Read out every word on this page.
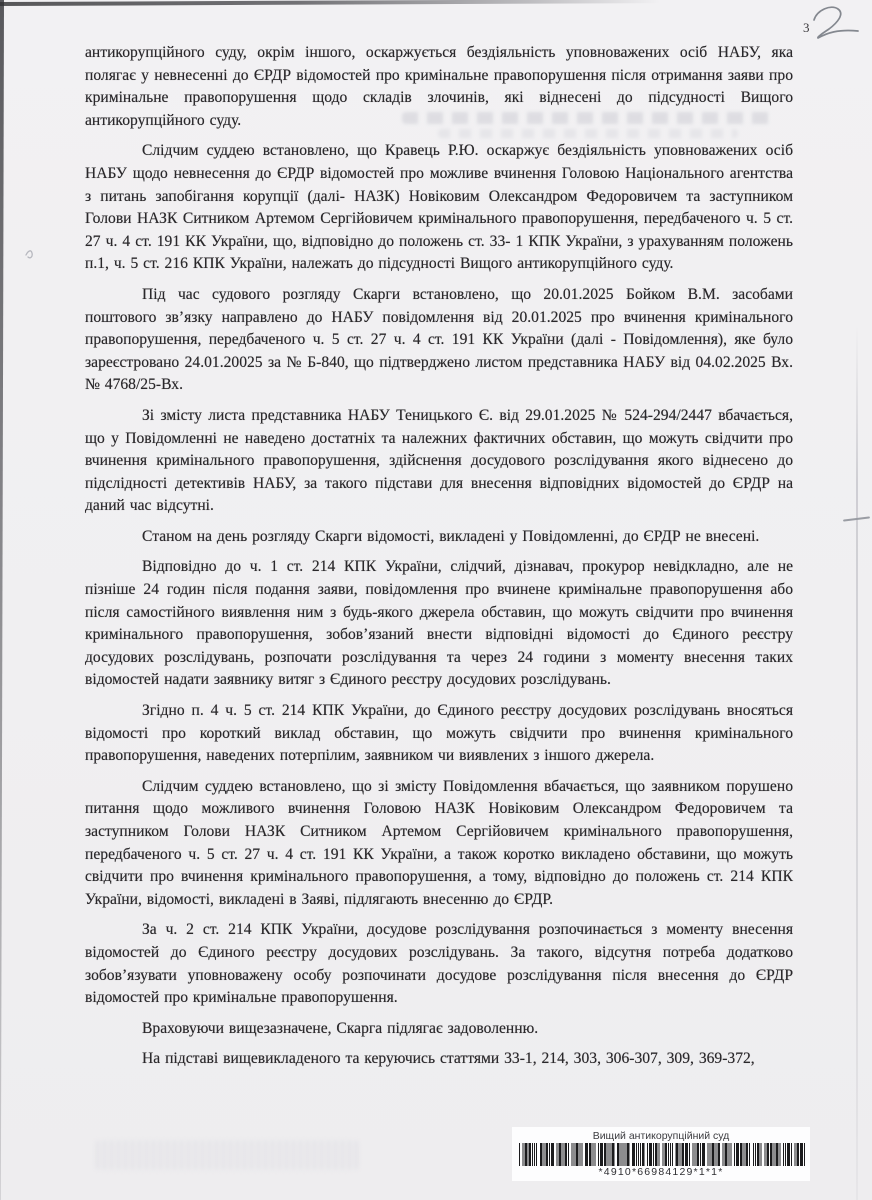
3

антикорупційного суду, окрім іншого, оскаржується бездіяльність уповноважених осіб НАБУ, яка полягає у невнесенні до ЄРДР відомостей про кримінальне правопорушення після отримання заяви про кримінальне правопорушення щодо складів злочинів, які віднесені до підсудності Вищого антикорупційного суду.

Слідчим суддею встановлено, що Кравець Р.Ю. оскаржує бездіяльність уповноважених осіб НАБУ щодо невнесення до ЄРДР відомостей про можливе вчинення Головою Національного агентства з питань запобігання корупції (далі- НАЗК) Новіковим Олександром Федоровичем та заступником Голови НАЗК Ситником Артемом Сергійовичем кримінального правопорушення, передбаченого ч. 5 ст. 27 ч. 4 ст. 191 КК України, що, відповідно до положень ст. 33- 1 КПК України, з урахуванням положень п.1, ч. 5 ст. 216 КПК України, належать до підсудності Вищого антикорупційного суду.

Під час судового розгляду Скарги встановлено, що 20.01.2025 Бойком В.М. засобами поштового зв’язку направлено до НАБУ повідомлення від 20.01.2025 про вчинення кримінального правопорушення, передбаченого ч. 5 ст. 27 ч. 4 ст. 191 КК України (далі - Повідомлення), яке було зареєстровано 24.01.20025 за № Б-840, що підтверджено листом представника НАБУ від 04.02.2025 Вх. № 4768/25-Вх.

Зі змісту листа представника НАБУ Теницького Є. від 29.01.2025 № 524-294/2447 вбачається, що у Повідомленні не наведено достатніх та належних фактичних обставин, що можуть свідчити про вчинення кримінального правопорушення, здійснення досудового розслідування якого віднесено до підслідності детективів НАБУ, за такого підстави для внесення відповідних відомостей до ЄРДР на даний час відсутні.

Станом на день розгляду Скарги відомості, викладені у Повідомленні, до ЄРДР не внесені.

Відповідно до ч. 1 ст. 214 КПК України, слідчий, дізнавач, прокурор невідкладно, але не пізніше 24 годин після подання заяви, повідомлення про вчинене кримінальне правопорушення або після самостійного виявлення ним з будь-якого джерела обставин, що можуть свідчити про вчинення кримінального правопорушення, зобов’язаний внести відповідні відомості до Єдиного реєстру досудових розслідувань, розпочати розслідування та через 24 години з моменту внесення таких відомостей надати заявнику витяг з Єдиного реєстру досудових розслідувань.

Згідно п. 4 ч. 5 ст. 214 КПК України, до Єдиного реєстру досудових розслідувань вносяться відомості про короткий виклад обставин, що можуть свідчити про вчинення кримінального правопорушення, наведених потерпілим, заявником чи виявлених з іншого джерела.

Слідчим суддею встановлено, що зі змісту Повідомлення вбачається, що заявником порушено питання щодо можливого вчинення Головою НАЗК Новіковим Олександром Федоровичем та заступником Голови НАЗК Ситником Артемом Сергійовичем кримінального правопорушення, передбаченого ч. 5 ст. 27 ч. 4 ст. 191 КК України, а також коротко викладено обставини, що можуть свідчити про вчинення кримінального правопорушення, а тому, відповідно до положень ст. 214 КПК України, відомості, викладені в Заяві, підлягають внесенню до ЄРДР.

За ч. 2 ст. 214 КПК України, досудове розслідування розпочинається з моменту внесення відомостей до Єдиного реєстру досудових розслідувань. За такого, відсутня потреба додатково зобов’язувати уповноважену особу розпочинати досудове розслідування після внесення до ЄРДР відомостей про кримінальне правопорушення.

Враховуючи вищезазначене, Скарга підлягає задоволенню.

На підставі вищевикладеного та керуючись статтями 33-1, 214, 303, 306-307, 309, 369-372,

Вищий антикорупційний суд
*4910*66984129*1*1*
